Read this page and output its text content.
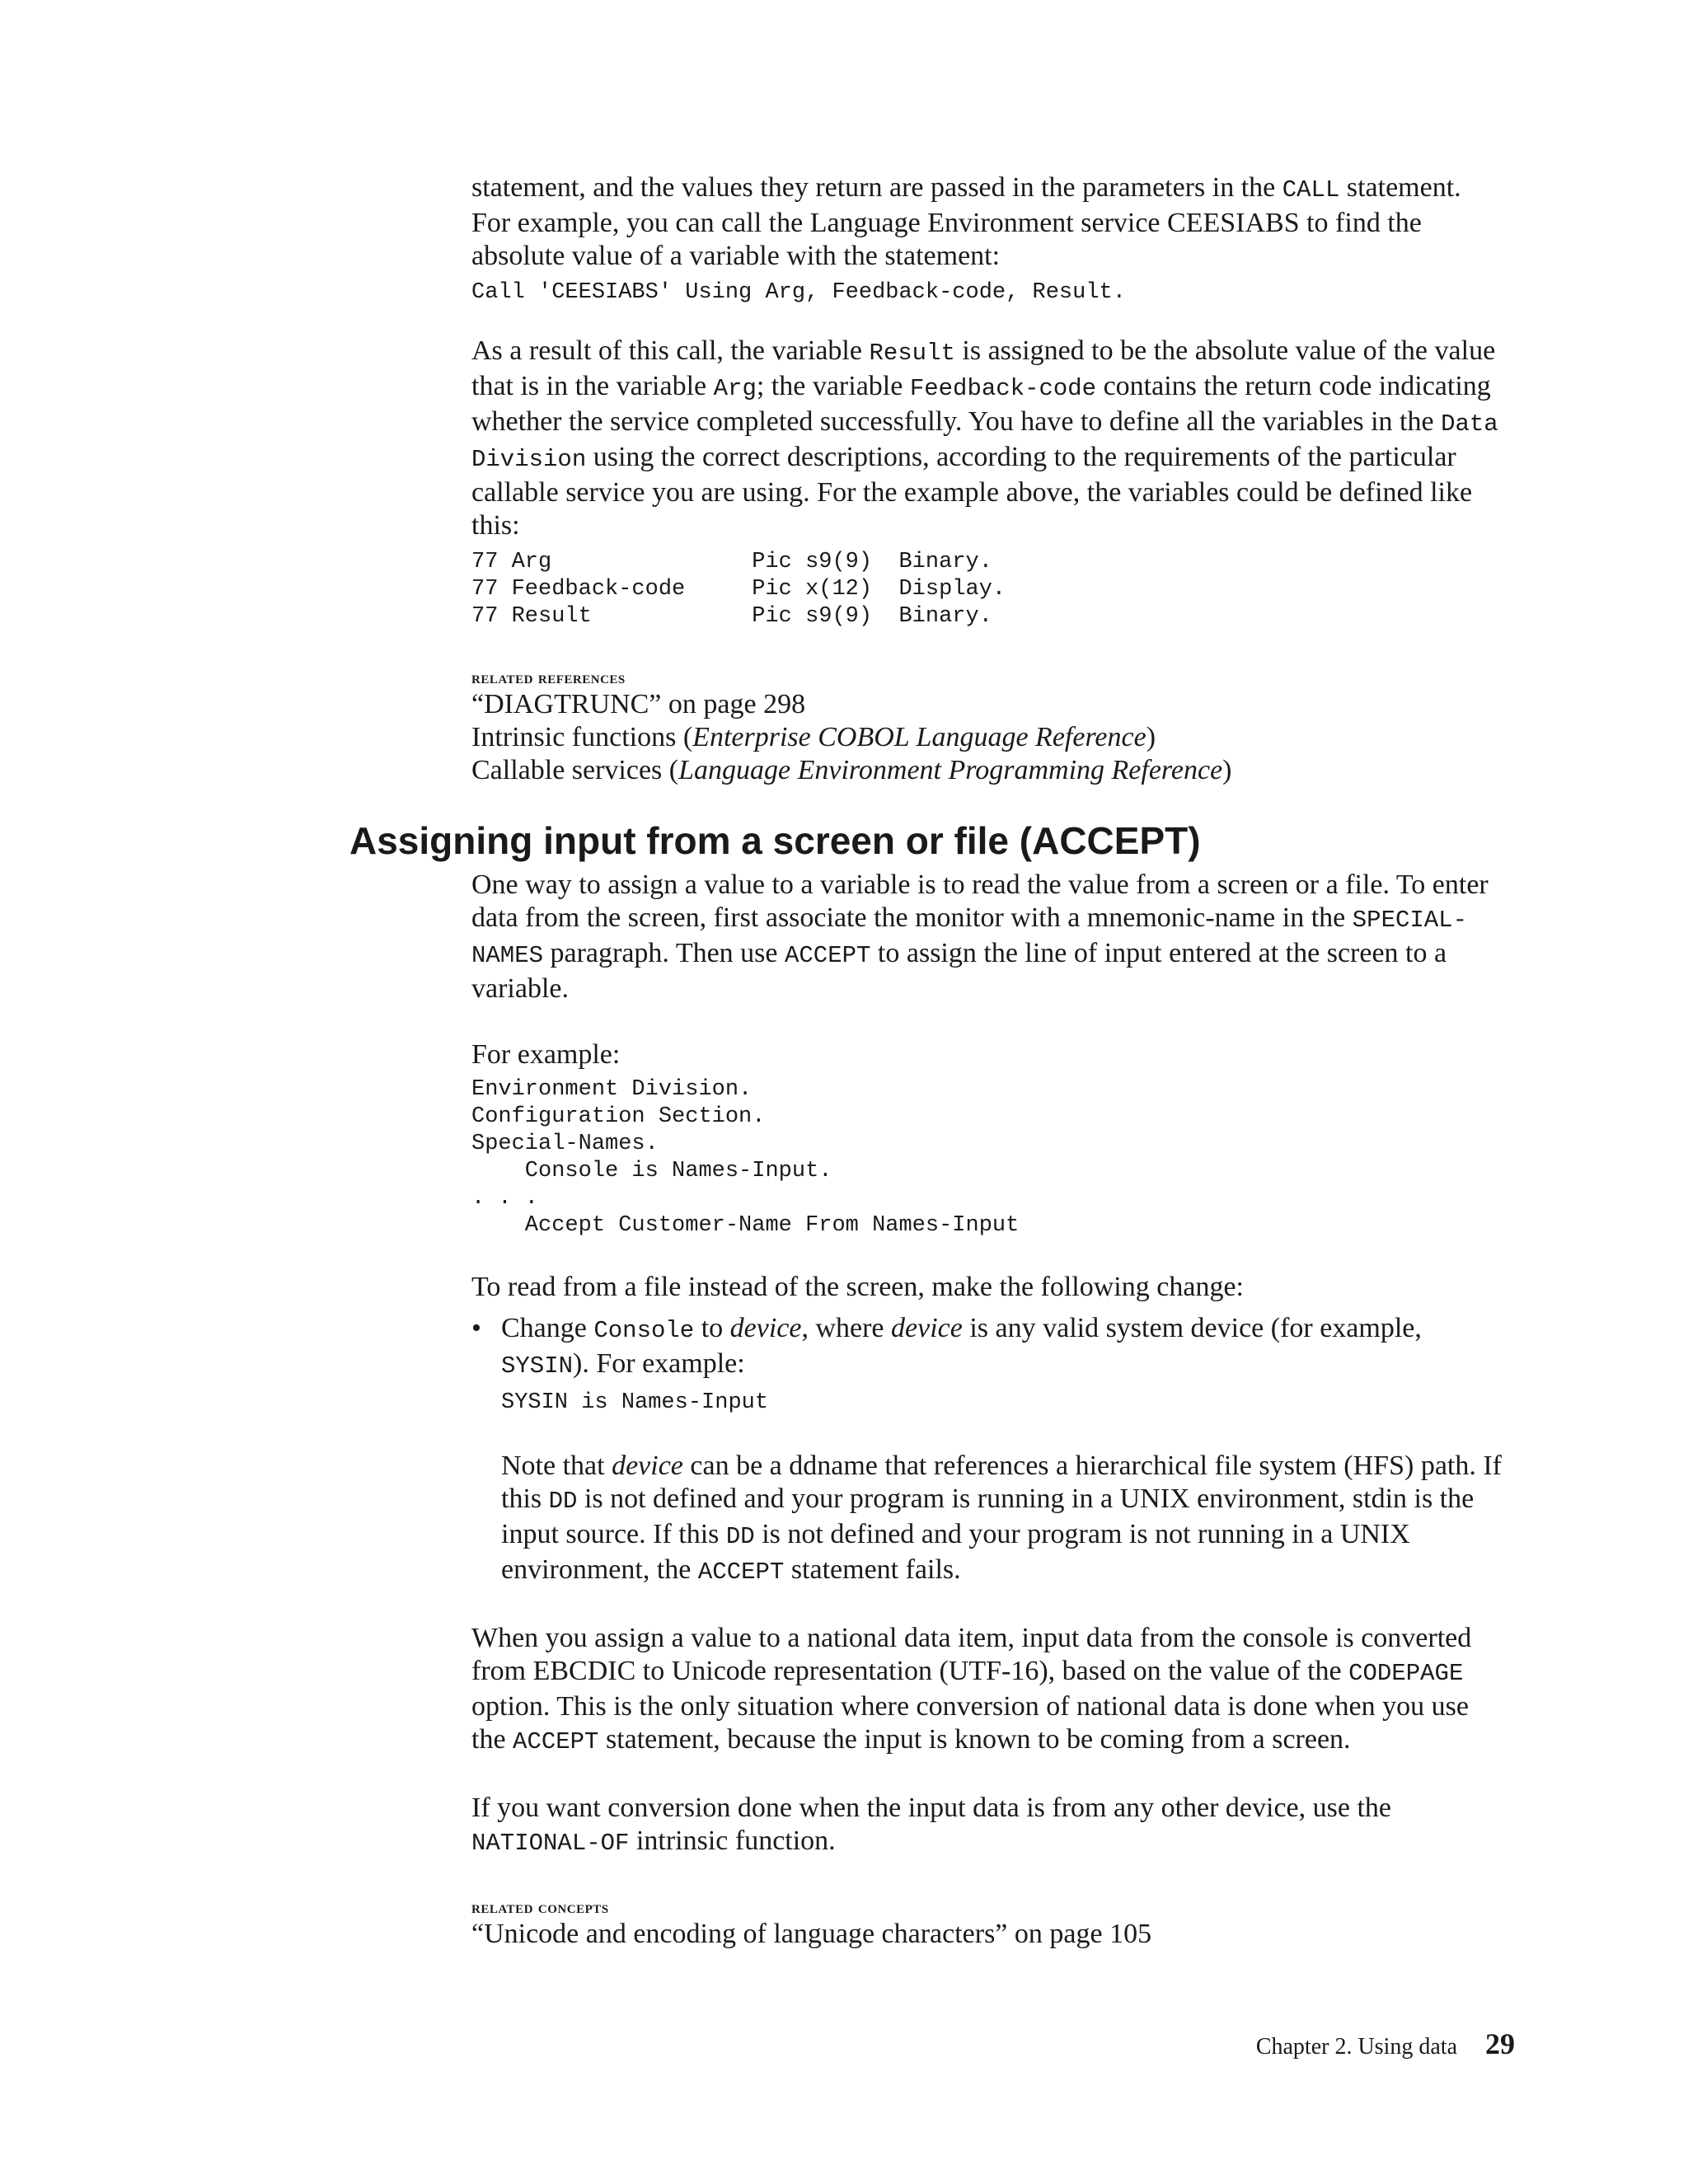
statement, and the values they return are passed in the parameters in the CALL statement. For example, you can call the Language Environment service CEESIABS to find the absolute value of a variable with the statement:

Call 'CEESIABS' Using Arg, Feedback-code, Result.

As a result of this call, the variable Result is assigned to be the absolute value of the value that is in the variable Arg; the variable Feedback-code contains the return code indicating whether the service completed successfully. You have to define all the variables in the Data Division using the correct descriptions, according to the requirements of the particular callable service you are using. For the example above, the variables could be defined like this:

77 Arg               Pic s9(9)  Binary.
77 Feedback-code     Pic x(12)  Display.
77 Result            Pic s9(9)  Binary.
related references
“DIAGTRUNC” on page 298
Intrinsic functions (Enterprise COBOL Language Reference)
Callable services (Language Environment Programming Reference)
Assigning input from a screen or file (ACCEPT)

One way to assign a value to a variable is to read the value from a screen or a file. To enter data from the screen, first associate the monitor with a mnemonic-name in the SPECIAL-NAMES paragraph. Then use ACCEPT to assign the line of input entered at the screen to a variable.

For example:

Environment Division.
Configuration Section.
Special-Names.
Console is Names-Input.
. . .
Accept Customer-Name From Names-Input

To read from a file instead of the screen, make the following change:

• Change Console to device, where device is any valid system device (for example, SYSIN). For example:

SYSIN is Names-Input

Note that device can be a ddname that references a hierarchical file system (HFS) path. If this DD is not defined and your program is running in a UNIX environment, stdin is the input source. If this DD is not defined and your program is not running in a UNIX environment, the ACCEPT statement fails.

When you assign a value to a national data item, input data from the console is converted from EBCDIC to Unicode representation (UTF-16), based on the value of the CODEPAGE option. This is the only situation where conversion of national data is done when you use the ACCEPT statement, because the input is known to be coming from a screen.

If you want conversion done when the input data is from any other device, use the NATIONAL-OF intrinsic function.

related concepts
“Unicode and encoding of language characters” on page 105
Chapter 2. Using data 29
